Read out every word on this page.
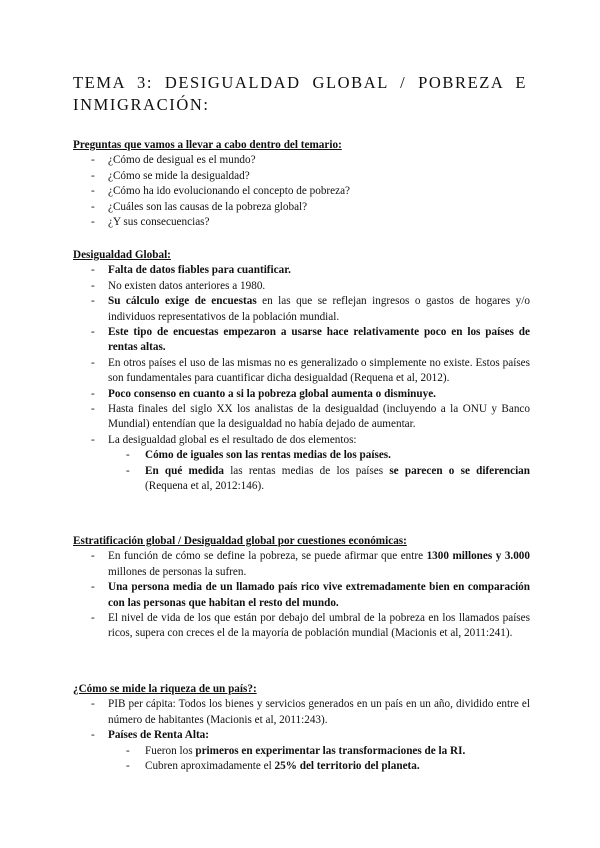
TEMA 3: DESIGUALDAD GLOBAL / POBREZA E
INMIGRACIÓN:
Preguntas que vamos a llevar a cabo dentro del temario:
- ¿Cómo de desigual es el mundo?
- ¿Cómo se mide la desigualdad?
- ¿Cómo ha ido evolucionando el concepto de pobreza?
- ¿Cuáles son las causas de la pobreza global?
- ¿Y sus consecuencias?
Desigualdad Global:
- Falta de datos fiables para cuantificar.
- No existen datos anteriores a 1980.
- Su cálculo exige de encuestas en las que se reflejan ingresos o gastos de hogares y/o individuos representativos de la población mundial.
- Este tipo de encuestas empezaron a usarse hace relativamente poco en los países de rentas altas.
- En otros países el uso de las mismas no es generalizado o simplemente no existe. Estos países son fundamentales para cuantificar dicha desigualdad (Requena et al, 2012).
- Poco consenso en cuanto a si la pobreza global aumenta o disminuye.
- Hasta finales del siglo XX los analistas de la desigualdad (incluyendo a la ONU y Banco Mundial) entendían que la desigualdad no había dejado de aumentar.
- La desigualdad global es el resultado de dos elementos:
- Cómo de iguales son las rentas medias de los países.
- En qué medida las rentas medias de los países se parecen o se diferencian (Requena et al, 2012:146).
Estratificación global / Desigualdad global por cuestiones económicas:
- En función de cómo se define la pobreza, se puede afirmar que entre 1300 millones y 3.000 millones de personas la sufren.
- Una persona media de un llamado país rico vive extremadamente bien en comparación con las personas que habitan el resto del mundo.
- El nivel de vida de los que están por debajo del umbral de la pobreza en los llamados países ricos, supera con creces el de la mayoría de población mundial (Macionis et al, 2011:241).
¿Cómo se mide la riqueza de un país?:
- PIB per cápita: Todos los bienes y servicios generados en un país en un año, dividido entre el número de habitantes (Macionis et al, 2011:243).
- Países de Renta Alta:
- Fueron los primeros en experimentar las transformaciones de la RI.
- Cubren aproximadamente el 25% del territorio del planeta.
